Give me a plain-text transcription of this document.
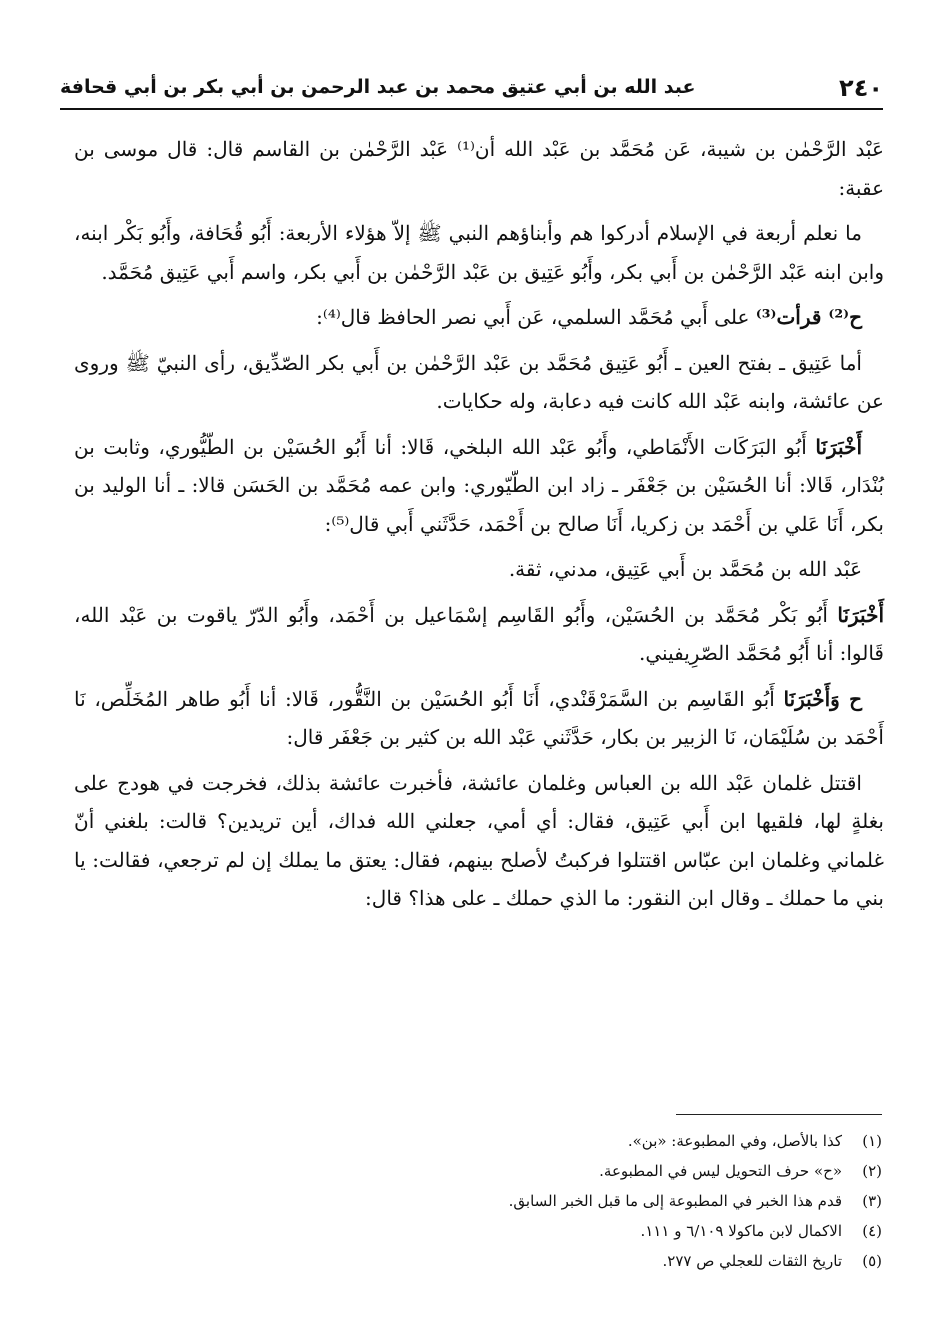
٢٤٠
عبد الله بن أبي عتيق محمد بن عبد الرحمن بن أبي بكر بن أبي قحافة

عَبْد الرَّحْمٰن بن شيبة، عَن مُحَمَّد بن عَبْد الله أن⁽¹⁾ عَبْد الرَّحْمٰن بن القاسم قال: قال موسى بن عقبة:

ما نعلم أربعة في الإسلام أدركوا هم وأبناؤهم النبي ﷺ إلاّ هؤلاء الأربعة: أَبُو قُحَافة، وأَبُو بَكْر ابنه، وابن ابنه عَبْد الرَّحْمٰن بن أَبي بكر، وأَبُو عَتِيق بن عَبْد الرَّحْمٰن بن أَبي بكر، واسم أَبي عَتِيق مُحَمَّد.

ح⁽²⁾ قرأت⁽³⁾ على أَبي مُحَمَّد السلمي، عَن أَبي نصر الحافظ قال⁽⁴⁾:

أما عَتِيق ـ بفتح العين ـ أَبُو عَتِيق مُحَمَّد بن عَبْد الرَّحْمٰن بن أَبي بكر الصّدِّيق، رأى النبيّ ﷺ وروى عن عائشة، وابنه عَبْد الله كانت فيه دعابة، وله حكايات.

أَخْبَرَنَا أَبُو البَرَكَات الأَنْمَاطي، وأَبُو عَبْد الله البلخي، قَالا: أنا أَبُو الحُسَيْن بن الطّيُّوري، وثابت بن بُنْدَار، قَالا: أنا الحُسَيْن بن جَعْفَر ـ زاد ابن الطّيّوري: وابن عمه مُحَمَّد بن الحَسَن قالا: ـ أنا الوليد بن بكر، أَنَا عَلي بن أَحْمَد بن زكريا، أَنَا صالح بن أَحْمَد، حَدَّثَني أَبي قال⁽⁵⁾:

عَبْد الله بن مُحَمَّد بن أَبي عَتِيق، مدني، ثقة.

أَخْبَرَنَا أَبُو بَكْر مُحَمَّد بن الحُسَيْن، وأَبُو القَاسِم إسْمَاعيل بن أَحْمَد، وأَبُو الدّرّ ياقوت بن عَبْد الله، قَالوا: أنا أَبُو مُحَمَّد الصّرِيفيني.

ح وَأَخْبَرَنَا أَبُو القَاسِم بن السَّمَرْقَنْدي، أَنَا أَبُو الحُسَيْن بن النَّقُّور، قَالا: أنا أَبُو طاهر المُخَلِّص، نَا أَحْمَد بن سُلَيْمَان، نَا الزبير بن بكار، حَدَّثَني عَبْد الله بن كثير بن جَعْفَر قال:

اقتتل غلمان عَبْد الله بن العباس وغلمان عائشة، فأخبرت عائشة بذلك، فخرجت في هودج على بغلةٍ لها، فلقيها ابن أَبي عَتِيق، فقال: أي أمي، جعلني الله فداك، أين تريدين؟ قالت: بلغني أنّ غلماني وغلمان ابن عبّاس اقتتلوا فركبتُ لأصلح بينهم، فقال: يعتق ما يملك إن لم ترجعي، فقالت: يا بني ما حملك ـ وقال ابن النقور: ما الذي حملك ـ على هذا؟ قال:

(١)كذا بالأصل، وفي المطبوعة: «بن».
(٢)«ح» حرف التحويل ليس في المطبوعة.
(٣)قدم هذا الخبر في المطبوعة إلى ما قبل الخبر السابق.
(٤)الاكمال لابن ماكولا ٦/١٠٩ و ١١١.
(٥)تاريخ الثقات للعجلي ص ٢٧٧.
